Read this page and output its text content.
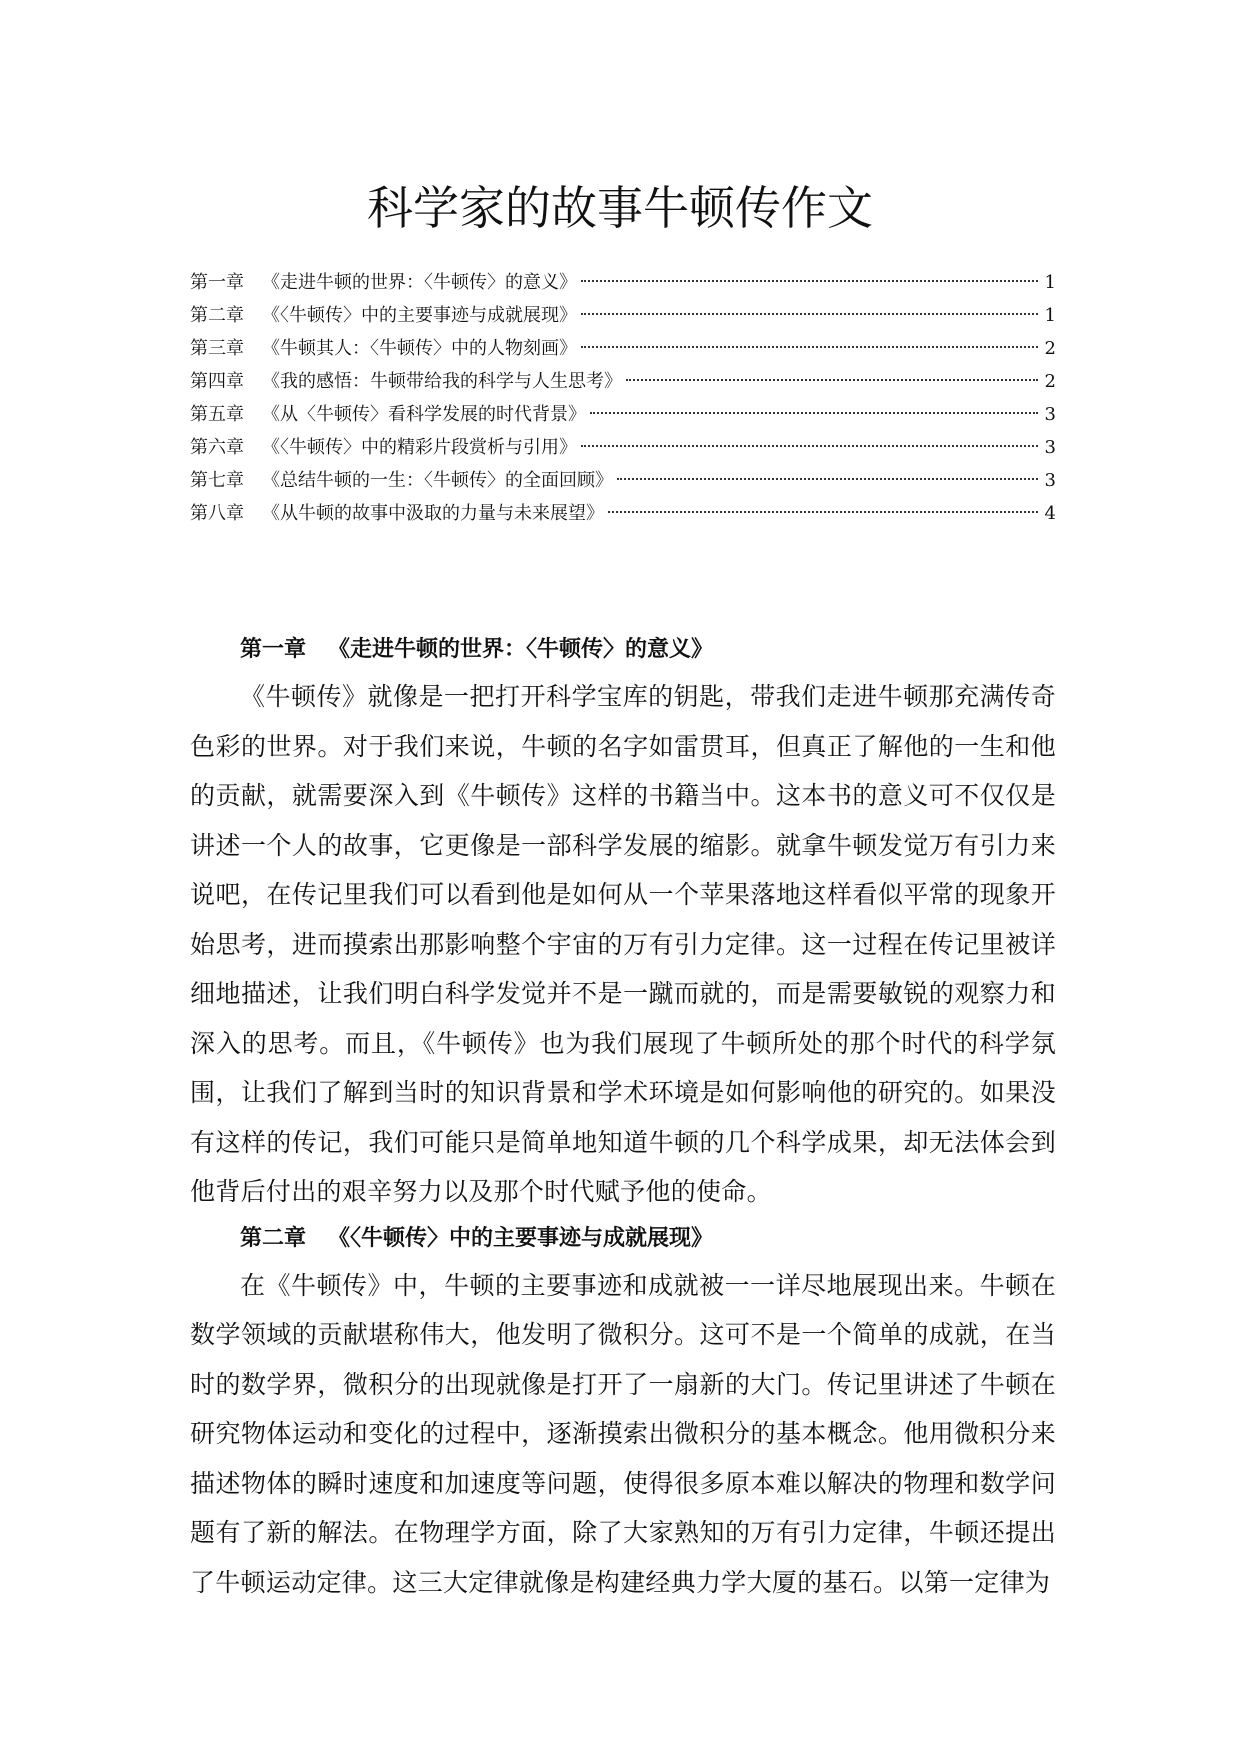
科学家的故事牛顿传作文
第一章 《走进牛顿的世界：〈牛顿传〉的意义》	1
第二章 《〈牛顿传〉中的主要事迹与成就展现》	1
第三章 《牛顿其人：〈牛顿传〉中的人物刻画》	2
第四章 《我的感悟：牛顿带给我的科学与人生思考》	2
第五章 《从〈牛顿传〉看科学发展的时代背景》	3
第六章 《〈牛顿传〉中的精彩片段赏析与引用》	3
第七章 《总结牛顿的一生：〈牛顿传〉的全面回顾》	3
第八章 《从牛顿的故事中汲取的力量与未来展望》	4
第一章 《走进牛顿的世界：〈牛顿传〉的意义》

《牛顿传》就像是一把打开科学宝库的钥匙，带我们走进牛顿那充满传奇色彩的世界。对于我们来说，牛顿的名字如雷贯耳，但真正了解他的一生和他的贡献，就需要深入到《牛顿传》这样的书籍当中。这本书的意义可不仅仅是讲述一个人的故事，它更像是一部科学发展的缩影。就拿牛顿发觉万有引力来说吧，在传记里我们可以看到他是如何从一个苹果落地这样看似平常的现象开始思考，进而摸索出那影响整个宇宙的万有引力定律。这一过程在传记里被详细地描述，让我们明白科学发觉并不是一蹴而就的，而是需要敏锐的观察力和深入的思考。而且，《牛顿传》也为我们展现了牛顿所处的那个时代的科学氛围，让我们了解到当时的知识背景和学术环境是如何影响他的研究的。如果没有这样的传记，我们可能只是简单地知道牛顿的几个科学成果，却无法体会到他背后付出的艰辛努力以及那个时代赋予他的使命。

第二章 《〈牛顿传〉中的主要事迹与成就展现》

在《牛顿传》中，牛顿的主要事迹和成就被一一详尽地展现出来。牛顿在数学领域的贡献堪称伟大，他发明了微积分。这可不是一个简单的成就，在当时的数学界，微积分的出现就像是打开了一扇新的大门。传记里讲述了牛顿在研究物体运动和变化的过程中，逐渐摸索出微积分的基本概念。他用微积分来描述物体的瞬时速度和加速度等问题，使得很多原本难以解决的物理和数学问题有了新的解法。在物理学方面，除了大家熟知的万有引力定律，牛顿还提出了牛顿运动定律。这三大定律就像是构建经典力学大厦的基石。以第一定律为
